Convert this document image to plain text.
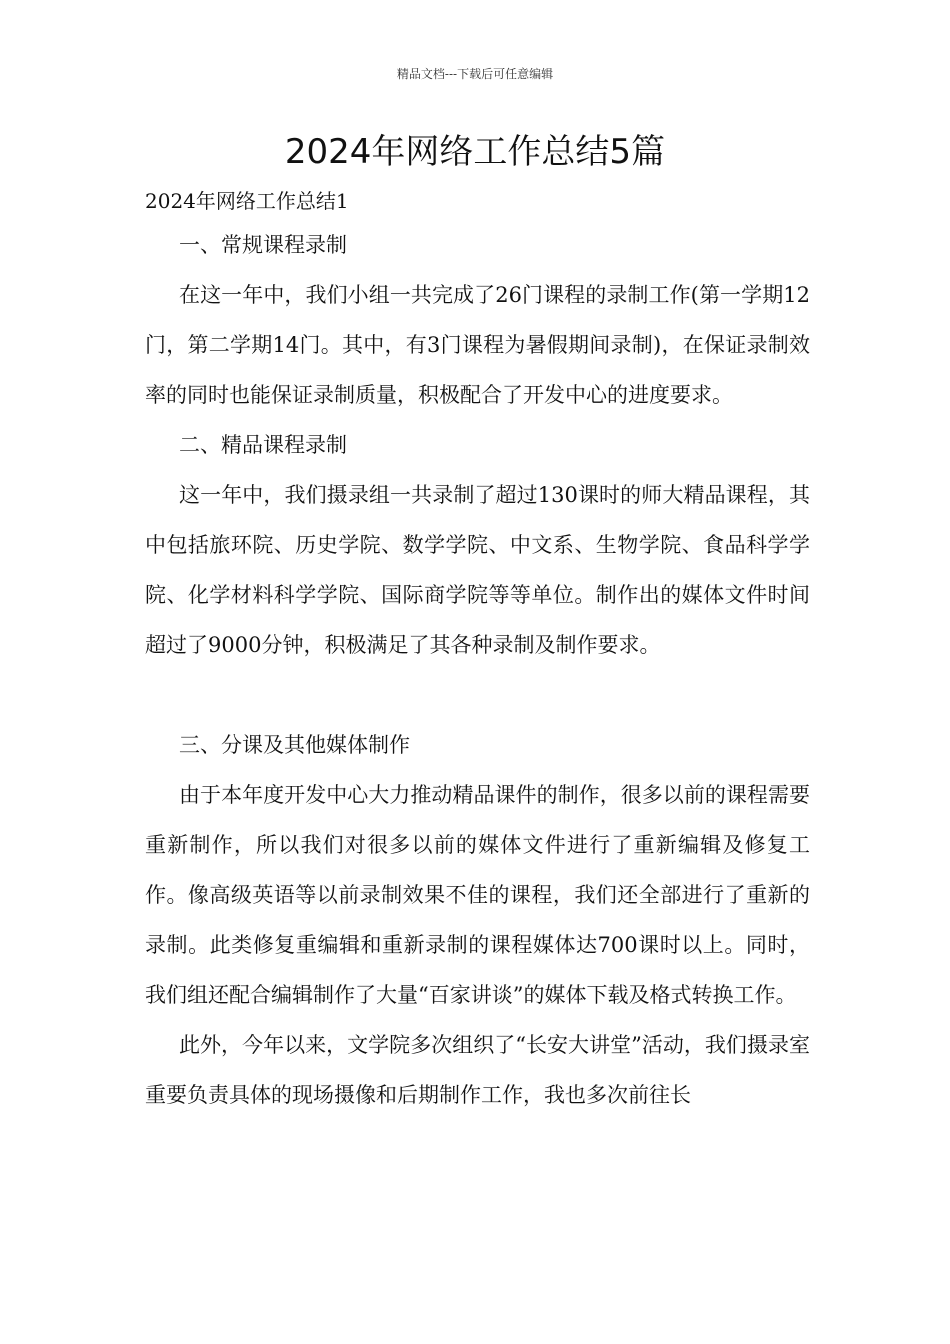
精品文档---下载后可任意编辑
2024年网络工作总结5篇

2024年网络工作总结1

一、常规课程录制

在这一年中，我们小组一共完成了26门课程的录制工作(第一学期12门，第二学期14门。其中，有3门课程为暑假期间录制)，在保证录制效率的同时也能保证录制质量，积极配合了开发中心的进度要求。

二、精品课程录制

这一年中，我们摄录组一共录制了超过130课时的师大精品课程，其中包括旅环院、历史学院、数学学院、中文系、生物学院、食品科学学院、化学材料科学学院、国际商学院等等单位。制作出的媒体文件时间超过了9000分钟，积极满足了其各种录制及制作要求。

三、分课及其他媒体制作

由于本年度开发中心大力推动精品课件的制作，很多以前的课程需要重新制作，所以我们对很多以前的媒体文件进行了重新编辑及修复工作。像高级英语等以前录制效果不佳的课程，我们还全部进行了重新的录制。此类修复重编辑和重新录制的课程媒体达700课时以上。同时，我们组还配合编辑制作了大量“百家讲谈”的媒体下载及格式转换工作。

此外，今年以来，文学院多次组织了“长安大讲堂”活动，我们摄录室重要负责具体的现场摄像和后期制作工作，我也多次前往长
